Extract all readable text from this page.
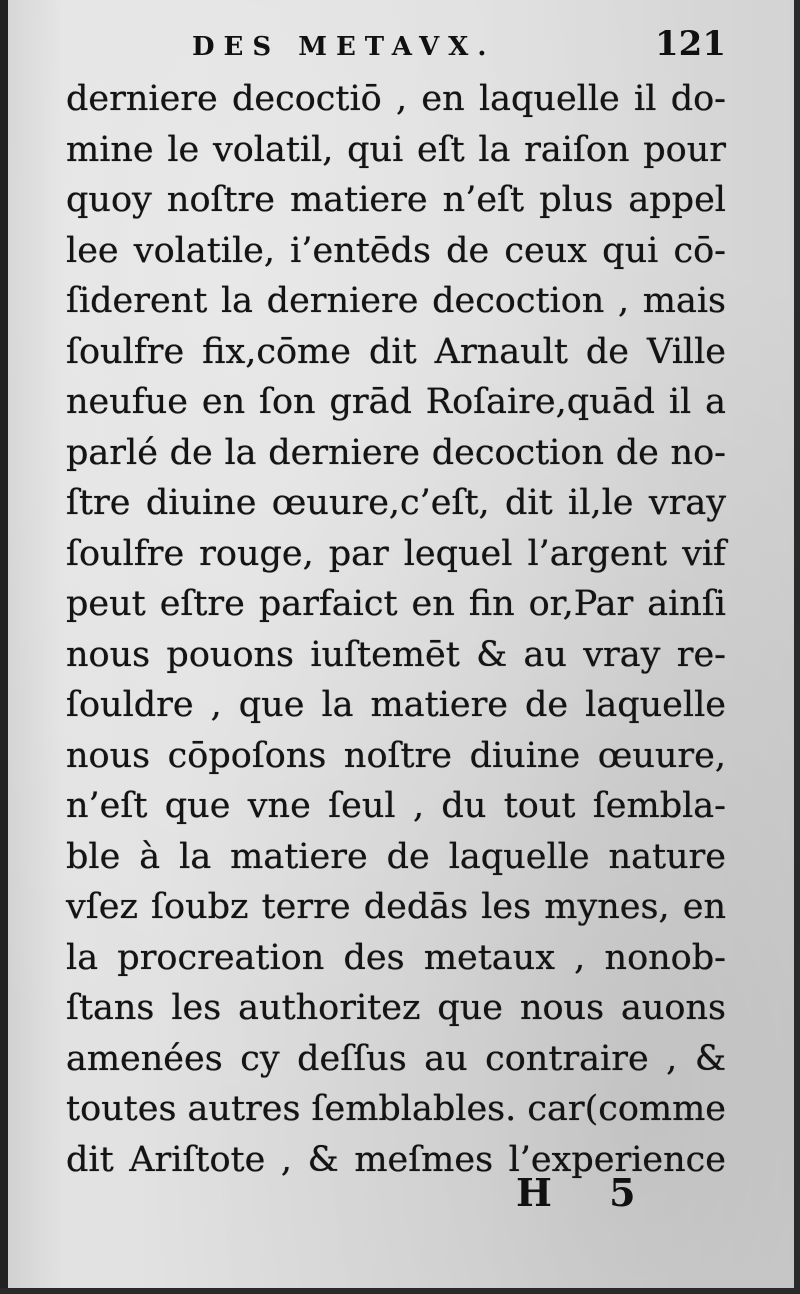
DES METAVX.	121
derniere decoctiō , en laquelle il do-
mine le volatil, qui eſt la raiſon pour
quoy noſtre matiere n’eſt plus appel
lee volatile, i’entēds de ceux qui cō-
ſiderent la derniere decoction , mais
ſoulfre fix,cōme dit Arnault de Ville
neufue en ſon grād Roſaire,quād il a
parlé de la derniere decoction de no-
ſtre diuine œuure,c’eſt, dit il,le vray
ſoulfre rouge, par lequel l’argent vif
peut eſtre parfaict en fin or,Par ainſi
nous pouons iuſtemēt & au vray re-
ſouldre , que la matiere de laquelle
nous cōpoſons noſtre diuine œuure,
n’eſt que vne ſeul , du tout ſembla-
ble à la matiere de laquelle nature
vſez ſoubz terre dedās les mynes, en
la procreation des metaux , nonob-
ſtans les authoritez que nous auons
amenées cy deſſus au contraire , &
toutes autres ſemblables. car(comme
dit Ariſtote , & meſmes l’experience
H 5
